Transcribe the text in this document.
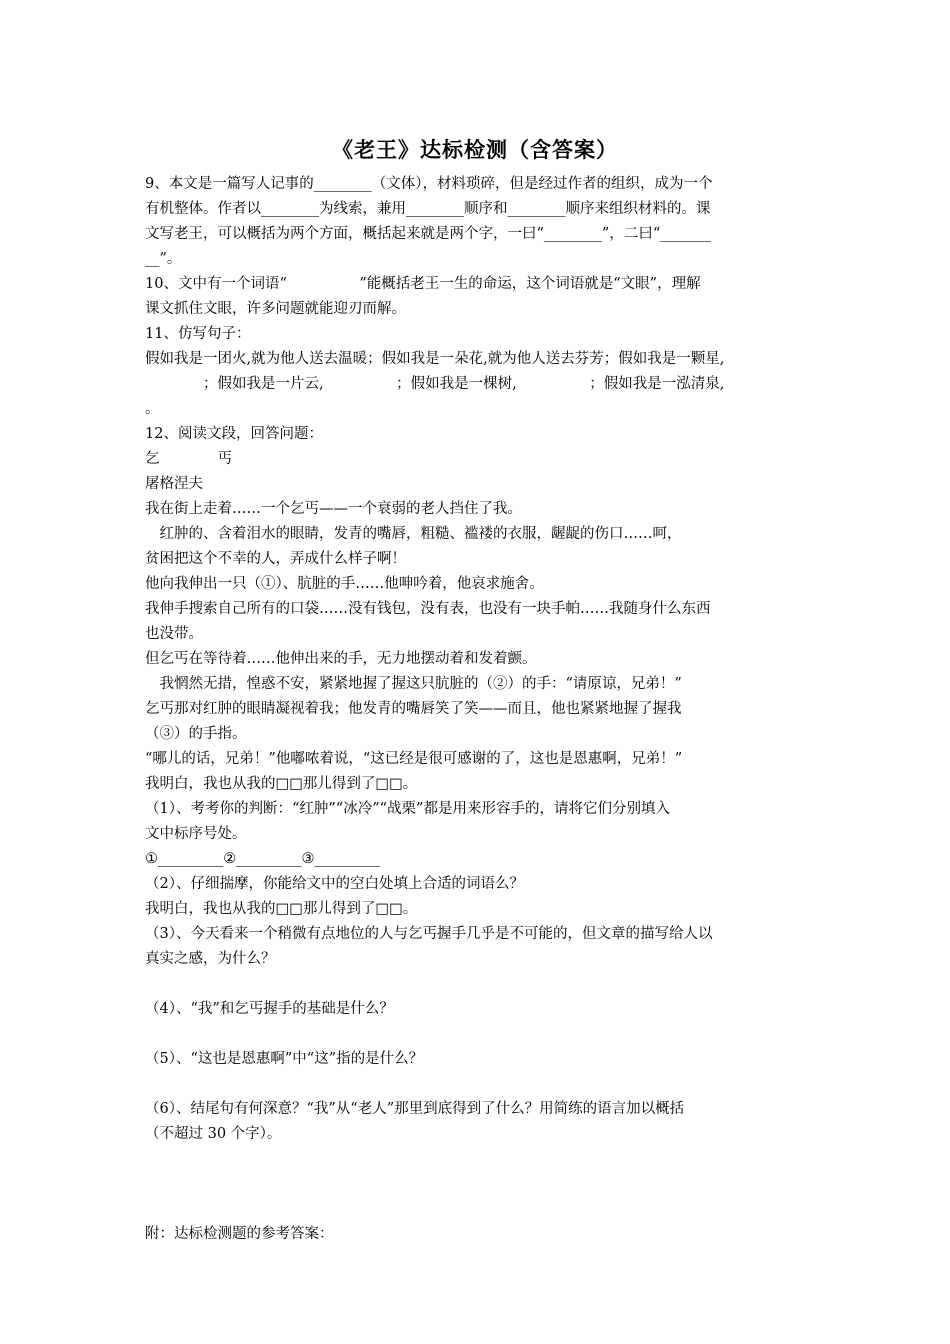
《老王》达标检测（含答案）
9、本文是一篇写人记事的________（文体），材料琐碎，但是经过作者的组织，成为一个
有机整体。作者以________为线索，兼用________顺序和________顺序来组织材料的。课
文写老王，可以概括为两个方面，概括起来就是两个字，一曰“________”，二曰“_______
__”。
10、文中有一个词语“　　　　　”能概括老王一生的命运，这个词语就是“文眼”，理解
课文抓住文眼，许多问题就能迎刃而解。
11、仿写句子：
假如我是一团火,就为他人送去温暖；假如我是一朵花,就为他人送去芬芳；假如我是一颗星,
　　　　；假如我是一片云,　　　　　；假如我是一棵树,　　　　　；假如我是一泓清泉,
。
12、阅读文段，回答问题：
乞　　　　丐
屠格涅夫
我在街上走着……一个乞丐——一个衰弱的老人挡住了我。
　红肿的、含着泪水的眼睛，发青的嘴唇，粗糙、褴褛的衣服，龌龊的伤口……呵，
贫困把这个不幸的人，弄成什么样子啊！
他向我伸出一只（①）、肮脏的手……他呻吟着，他哀求施舍。
我伸手搜索自己所有的口袋……没有钱包，没有表，也没有一块手帕……我随身什么东西
也没带。
但乞丐在等待着……他伸出来的手，无力地摆动着和发着颤。
　我惘然无措，惶惑不安，紧紧地握了握这只肮脏的（②）的手：“请原谅，兄弟！”
乞丐那对红肿的眼睛凝视着我；他发青的嘴唇笑了笑——而且，他也紧紧地握了握我
（③）的手指。
“哪儿的话，兄弟！”他嘟哝着说，“这已经是很可感谢的了，这也是恩惠啊，兄弟！”
我明白，我也从我的□□那儿得到了□□。
（1）、考考你的判断：“红肿”“冰冷”“战栗”都是用来形容手的，请将它们分别填入
文中标序号处。
①_________②_________③_________
（2）、仔细揣摩，你能给文中的空白处填上合适的词语么？
我明白，我也从我的□□那儿得到了□□。
（3）、今天看来一个稍微有点地位的人与乞丐握手几乎是不可能的，但文章的描写给人以
真实之感，为什么？
（4）、“我”和乞丐握手的基础是什么？
（5）、“这也是恩惠啊”中“这”指的是什么？
（6）、结尾句有何深意？“我”从“老人”那里到底得到了什么？用简练的语言加以概括
（不超过 30 个字）。
附：达标检测题的参考答案：
